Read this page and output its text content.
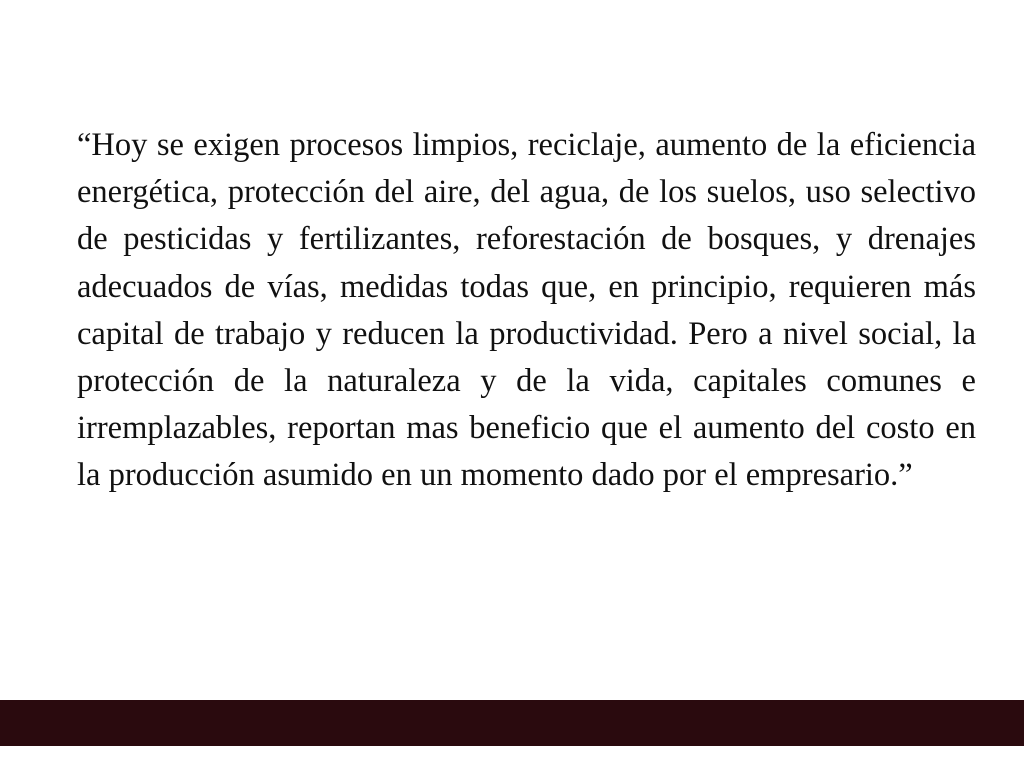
“Hoy se exigen procesos limpios, reciclaje, aumento de la eficiencia energética, protección del aire, del agua, de los suelos, uso selectivo de pesticidas y fertilizantes, reforestación de bosques, y drenajes adecuados de vías, medidas todas que, en principio, requieren más capital de trabajo y reducen la productividad. Pero a nivel social, la protección de la naturaleza y de la vida, capitales comunes e irremplazables, reportan mas beneficio que el aumento del costo en la producción asumido en un momento dado por el empresario.”
